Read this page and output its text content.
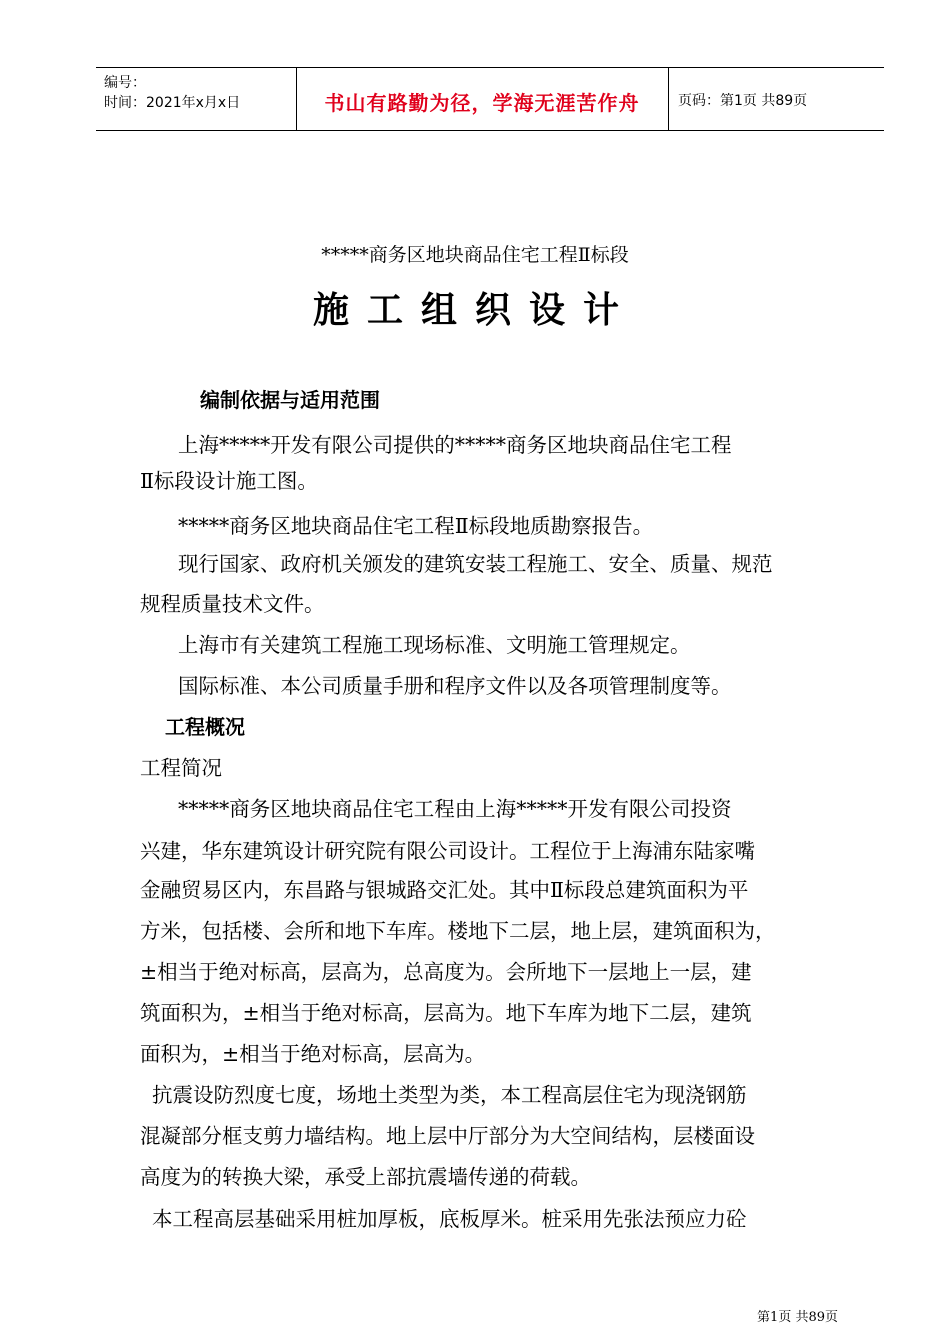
编号：
时间：2021年x月x日	书山有路勤为径，学海无涯苦作舟	页码：第1页 共89页
*****商务区地块商品住宅工程Ⅱ标段
施工组织设计
编制依据与适用范围
上海*****开发有限公司提供的*****商务区地块商品住宅工程
Ⅱ标段设计施工图。
*****商务区地块商品住宅工程Ⅱ标段地质勘察报告。
现行国家、政府机关颁发的建筑安装工程施工、安全、质量、规范
规程质量技术文件。
上海市有关建筑工程施工现场标准、文明施工管理规定。
国际标准、本公司质量手册和程序文件以及各项管理制度等。
工程概况
工程简况
*****商务区地块商品住宅工程由上海*****开发有限公司投资
兴建，华东建筑设计研究院有限公司设计。工程位于上海浦东陆家嘴
金融贸易区内，东昌路与银城路交汇处。其中Ⅱ标段总建筑面积为平
方米，包括楼、会所和地下车库。楼地下二层，地上层，建筑面积为，
±相当于绝对标高，层高为，总高度为。会所地下一层地上一层，建
筑面积为，±相当于绝对标高，层高为。地下车库为地下二层，建筑
面积为，±相当于绝对标高，层高为。
抗震设防烈度七度，场地土类型为类，本工程高层住宅为现浇钢筋
混凝部分框支剪力墙结构。地上层中厅部分为大空间结构，层楼面设
高度为的转换大梁，承受上部抗震墙传递的荷载。
本工程高层基础采用桩加厚板，底板厚米。桩采用先张法预应力砼
第1页 共89页
